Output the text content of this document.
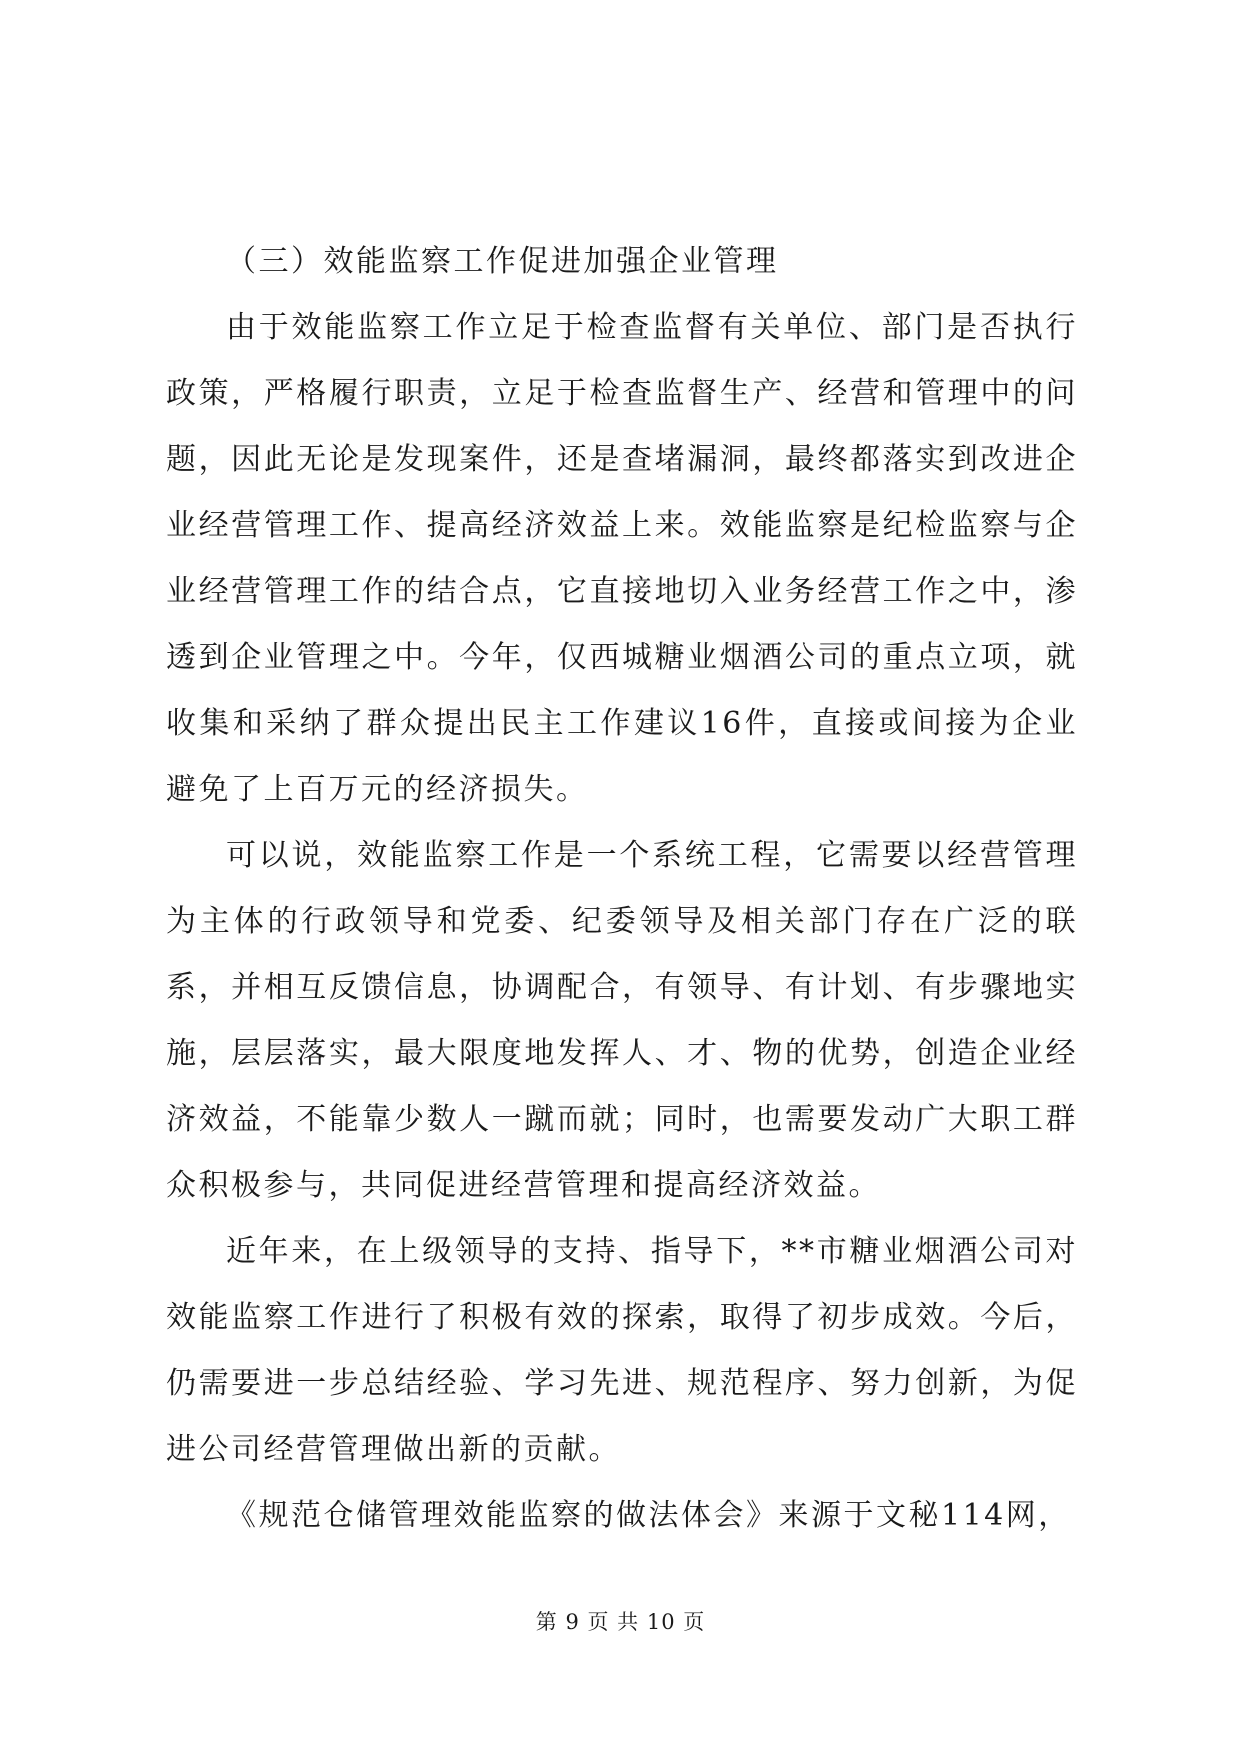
（三）效能监察工作促进加强企业管理

由于效能监察工作立足于检查监督有关单位、部门是否执行政策，严格履行职责，立足于检查监督生产、经营和管理中的问题，因此无论是发现案件，还是查堵漏洞，最终都落实到改进企业经营管理工作、提高经济效益上来。效能监察是纪检监察与企业经营管理工作的结合点，它直接地切入业务经营工作之中，渗透到企业管理之中。今年，仅西城糖业烟酒公司的重点立项，就收集和采纳了群众提出民主工作建议16件，直接或间接为企业避免了上百万元的经济损失。

可以说，效能监察工作是一个系统工程，它需要以经营管理为主体的行政领导和党委、纪委领导及相关部门存在广泛的联系，并相互反馈信息，协调配合，有领导、有计划、有步骤地实施，层层落实，最大限度地发挥人、才、物的优势，创造企业经济效益，不能靠少数人一蹴而就；同时，也需要发动广大职工群众积极参与，共同促进经营管理和提高经济效益。

近年来，在上级领导的支持、指导下，**市糖业烟酒公司对效能监察工作进行了积极有效的探索，取得了初步成效。今后，仍需要进一步总结经验、学习先进、规范程序、努力创新，为促进公司经营管理做出新的贡献。

《规范仓储管理效能监察的做法体会》来源于文秘114网，

第 9 页 共 10 页
